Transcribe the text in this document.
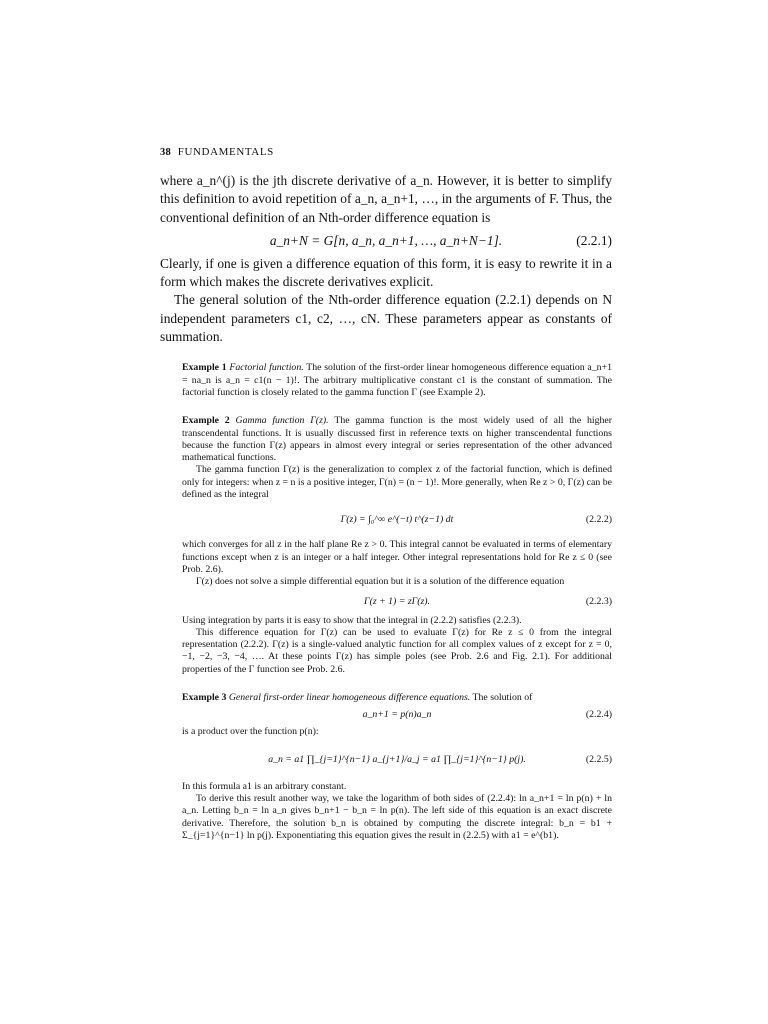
38 FUNDAMENTALS

where a_n^(j) is the jth discrete derivative of a_n. However, it is better to simplify this definition to avoid repetition of a_n, a_n+1, …, in the arguments of F. Thus, the conventional definition of an Nth-order difference equation is

a_n+N = G[n, a_n, a_n+1, …, a_n+N−1].	(2.2.1)

Clearly, if one is given a difference equation of this form, it is easy to rewrite it in a form which makes the discrete derivatives explicit.

The general solution of the Nth-order difference equation (2.2.1) depends on N independent parameters c1, c2, …, cN. These parameters appear as constants of summation.

Example 1 Factorial function. The solution of the first-order linear homogeneous difference equation a_n+1 = na_n is a_n = c1(n − 1)!. The arbitrary multiplicative constant c1 is the constant of summation. The factorial function is closely related to the gamma function Γ (see Example 2).

Example 2 Gamma function Γ(z). The gamma function is the most widely used of all the higher transcendental functions. It is usually discussed first in reference texts on higher transcendental functions because the function Γ(z) appears in almost every integral or series representation of the other advanced mathematical functions.

The gamma function Γ(z) is the generalization to complex z of the factorial function, which is defined only for integers: when z = n is a positive integer, Γ(n) = (n − 1)!. More generally, when Re z > 0, Γ(z) can be defined as the integral

Γ(z) = ∫₀^∞ e^(−t) t^(z−1) dt	(2.2.2)

which converges for all z in the half plane Re z > 0. This integral cannot be evaluated in terms of elementary functions except when z is an integer or a half integer. Other integral representations hold for Re z ≤ 0 (see Prob. 2.6).

Γ(z) does not solve a simple differential equation but it is a solution of the difference equation

Γ(z + 1) = zΓ(z).	(2.2.3)

Using integration by parts it is easy to show that the integral in (2.2.2) satisfies (2.2.3).

This difference equation for Γ(z) can be used to evaluate Γ(z) for Re z ≤ 0 from the integral representation (2.2.2). Γ(z) is a single-valued analytic function for all complex values of z except for z = 0, −1, −2, −3, −4, …. At these points Γ(z) has simple poles (see Prob. 2.6 and Fig. 2.1). For additional properties of the Γ function see Prob. 2.6.

Example 3 General first-order linear homogeneous difference equations. The solution of

a_n+1 = p(n)a_n	(2.2.4)

is a product over the function p(n):

a_n = a1 ∏_{j=1}^{n−1} a_{j+1}/a_j = a1 ∏_{j=1}^{n−1} p(j).	(2.2.5)

In this formula a1 is an arbitrary constant.

To derive this result another way, we take the logarithm of both sides of (2.2.4): ln a_n+1 = ln p(n) + ln a_n. Letting b_n = ln a_n gives b_n+1 − b_n = ln p(n). The left side of this equation is an exact discrete derivative. Therefore, the solution b_n is obtained by computing the discrete integral: b_n = b1 + Σ_{j=1}^{n−1} ln p(j). Exponentiating this equation gives the result in (2.2.5) with a1 = e^(b1).
